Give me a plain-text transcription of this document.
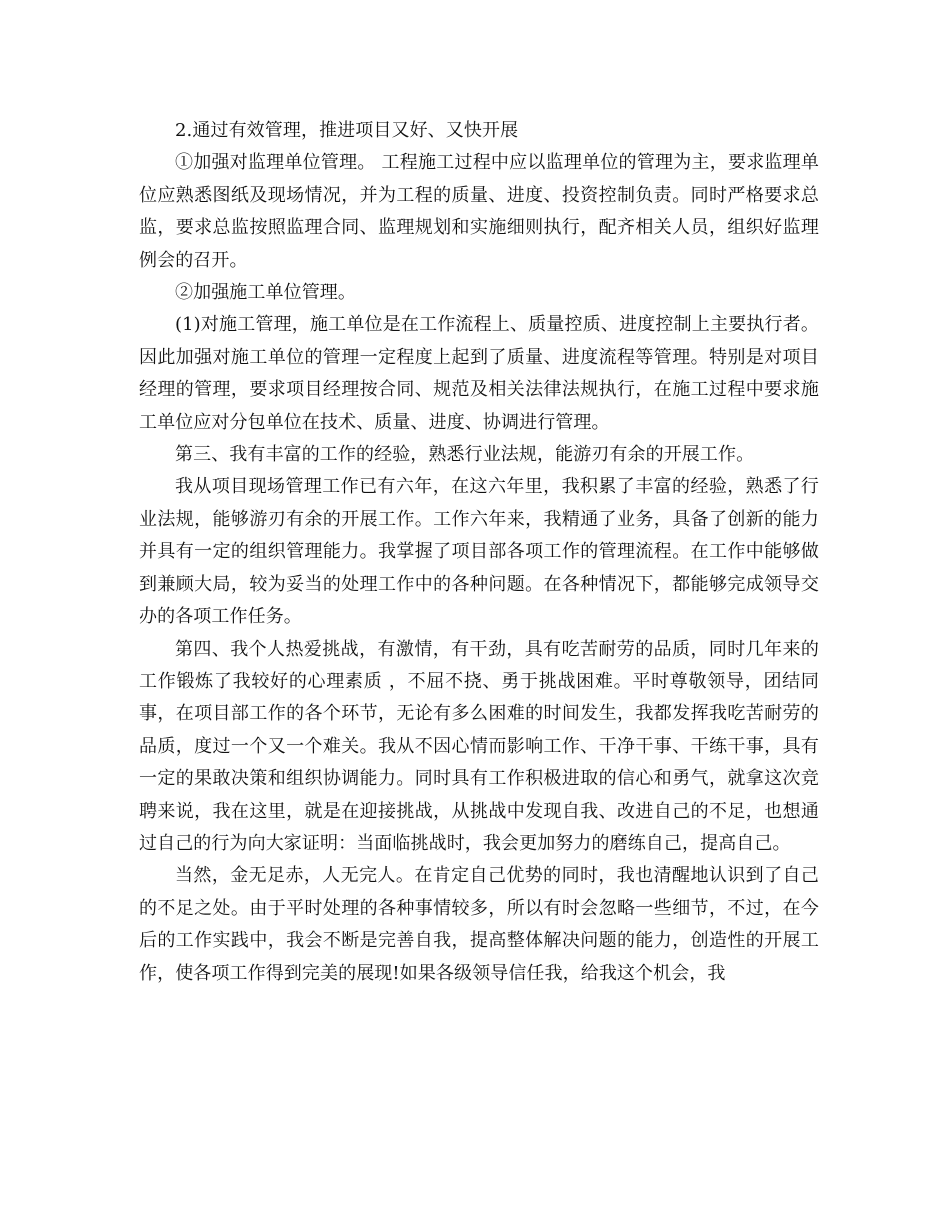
2.通过有效管理，推进项目又好、又快开展

①加强对监理单位管理。 工程施工过程中应以监理单位的管理为主，要求监理单位应熟悉图纸及现场情况，并为工程的质量、进度、投资控制负责。同时严格要求总监，要求总监按照监理合同、监理规划和实施细则执行，配齐相关人员，组织好监理例会的召开。

②加强施工单位管理。

(1)对施工管理，施工单位是在工作流程上、质量控质、进度控制上主要执行者。因此加强对施工单位的管理一定程度上起到了质量、进度流程等管理。特别是对项目经理的管理，要求项目经理按合同、规范及相关法律法规执行，在施工过程中要求施工单位应对分包单位在技术、质量、进度、协调进行管理。

第三、我有丰富的工作的经验，熟悉行业法规，能游刃有余的开展工作。

我从项目现场管理工作已有六年，在这六年里，我积累了丰富的经验，熟悉了行业法规，能够游刃有余的开展工作。工作六年来，我精通了业务，具备了创新的能力并具有一定的组织管理能力。我掌握了项目部各项工作的管理流程。在工作中能够做到兼顾大局，较为妥当的处理工作中的各种问题。在各种情况下，都能够完成领导交办的各项工作任务。

第四、我个人热爱挑战，有激情，有干劲，具有吃苦耐劳的品质，同时几年来的工作锻炼了我较好的心理素质 ，不屈不挠、勇于挑战困难。平时尊敬领导，团结同事，在项目部工作的各个环节，无论有多么困难的时间发生，我都发挥我吃苦耐劳的品质，度过一个又一个难关。我从不因心情而影响工作、干净干事、干练干事，具有一定的果敢决策和组织协调能力。同时具有工作积极进取的信心和勇气，就拿这次竞聘来说，我在这里，就是在迎接挑战，从挑战中发现自我、改进自己的不足，也想通过自己的行为向大家证明：当面临挑战时，我会更加努力的磨练自己，提高自己。

当然，金无足赤，人无完人。在肯定自己优势的同时，我也清醒地认识到了自己的不足之处。由于平时处理的各种事情较多，所以有时会忽略一些细节，不过，在今后的工作实践中，我会不断是完善自我，提高整体解决问题的能力，创造性的开展工作，使各项工作得到完美的展现!如果各级领导信任我，给我这个机会，我
